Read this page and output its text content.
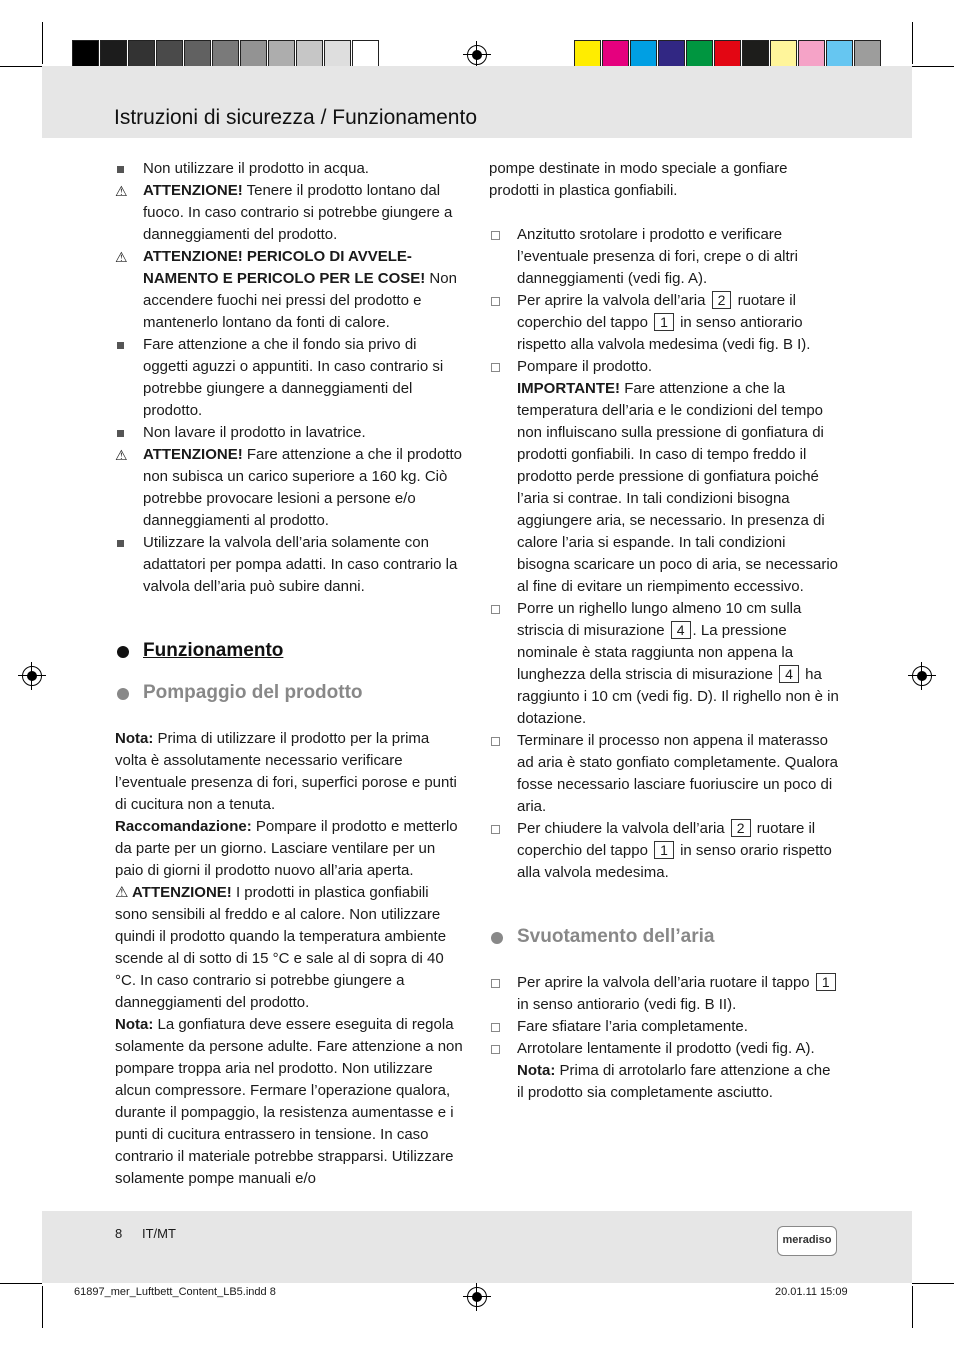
Istruzioni di sicurezza / Funzionamento
Non utilizzare il prodotto in acqua.
⚠ ATTENZIONE! Tenere il prodotto lontano dal fuoco. In caso contrario si potrebbe giungere a danneggiamenti del prodotto.
⚠ ATTENZIONE! PERICOLO DI AVVELE-NAMENTO E PERICOLO PER LE COSE! Non accendere fuochi nei pressi del prodotto e mantenerlo lontano da fonti di calore.
Fare attenzione a che il fondo sia privo di oggetti aguzzi o appuntiti. In caso contrario si potrebbe giungere a danneggiamenti del prodotto.
Non lavare il prodotto in lavatrice.
⚠ ATTENZIONE! Fare attenzione a che il prodotto non subisca un carico superiore a 160 kg. Ciò potrebbe provocare lesioni a persone e/o danneggiamenti al prodotto.
Utilizzare la valvola dell’aria solamente con adattatori per pompa adatti. In caso contrario la valvola dell’aria può subire danni.
Funzionamento
Pompaggio del prodotto
Nota: Prima di utilizzare il prodotto per la prima volta è assolutamente necessario verificare l’eventuale presenza di fori, superfici porose e punti di cucitura non a tenuta.
Raccomandazione: Pompare il prodotto e metterlo da parte per un giorno. Lasciare ventilare per un paio di giorni il prodotto nuovo all’aria aperta.
⚠ ATTENZIONE! I prodotti in plastica gonfiabili sono sensibili al freddo e al calore. Non utilizzare quindi il prodotto quando la temperatura ambiente scende al di sotto di 15 °C e sale al di sopra di 40 °C. In caso contrario si potrebbe giungere a danneggiamenti del prodotto.
Nota: La gonfiatura deve essere eseguita di regola solamente da persone adulte. Fare attenzione a non pompare troppa aria nel prodotto. Non utilizzare alcun compressore. Fermare l’operazione qualora, durante il pompaggio, la resistenza aumentasse e i punti di cucitura entrassero in tensione. In caso contrario il materiale potrebbe strapparsi. Utilizzare solamente pompe manuali e/o
pompe destinate in modo speciale a gonfiare prodotti in plastica gonfiabili.
Anzitutto srotolare i prodotto e verificare l’eventuale presenza di fori, crepe o di altri danneggiamenti (vedi fig. A).
Per aprire la valvola dell’aria 2 ruotare il coperchio del tappo 1 in senso antiorario rispetto alla valvola medesima (vedi fig. B I).
Pompare il prodotto.
IMPORTANTE! Fare attenzione a che la temperatura dell’aria e le condizioni del tempo non influiscano sulla pressione di gonfiatura di prodotti gonfiabili. In caso di tempo freddo il prodotto perde pressione di gonfiatura poiché l’aria si contrae. In tali condizioni bisogna aggiungere aria, se necessario. In presenza di calore l’aria si espande. In tali condizioni bisogna scaricare un poco di aria, se necessario al fine di evitare un riempimento eccessivo.
Porre un righello lungo almeno 10 cm sulla striscia di misurazione 4 . La pressione nominale è stata raggiunta non appena la lunghezza della striscia di misurazione 4 ha raggiunto i 10 cm (vedi fig. D). Il righello non è in dotazione.
Terminare il processo non appena il materasso ad aria è stato gonfiato completamente. Qualora fosse necessario lasciare fuoriuscire un poco di aria.
Per chiudere la valvola dell’aria 2 ruotare il coperchio del tappo 1 in senso orario rispetto alla valvola medesima.
Svuotamento dell’aria
Per aprire la valvola dell’aria ruotare il tappo 1 in senso antiorario (vedi fig. B II).
Fare sfiatare l’aria completamente.
Arrotolare lentamente il prodotto (vedi fig. A).
Nota: Prima di arrotolarlo fare attenzione a che il prodotto sia completamente asciutto.
8 IT/MT	meradiso
61897_mer_Luftbett_Content_LB5.indd 8	20.01.11 15:09
